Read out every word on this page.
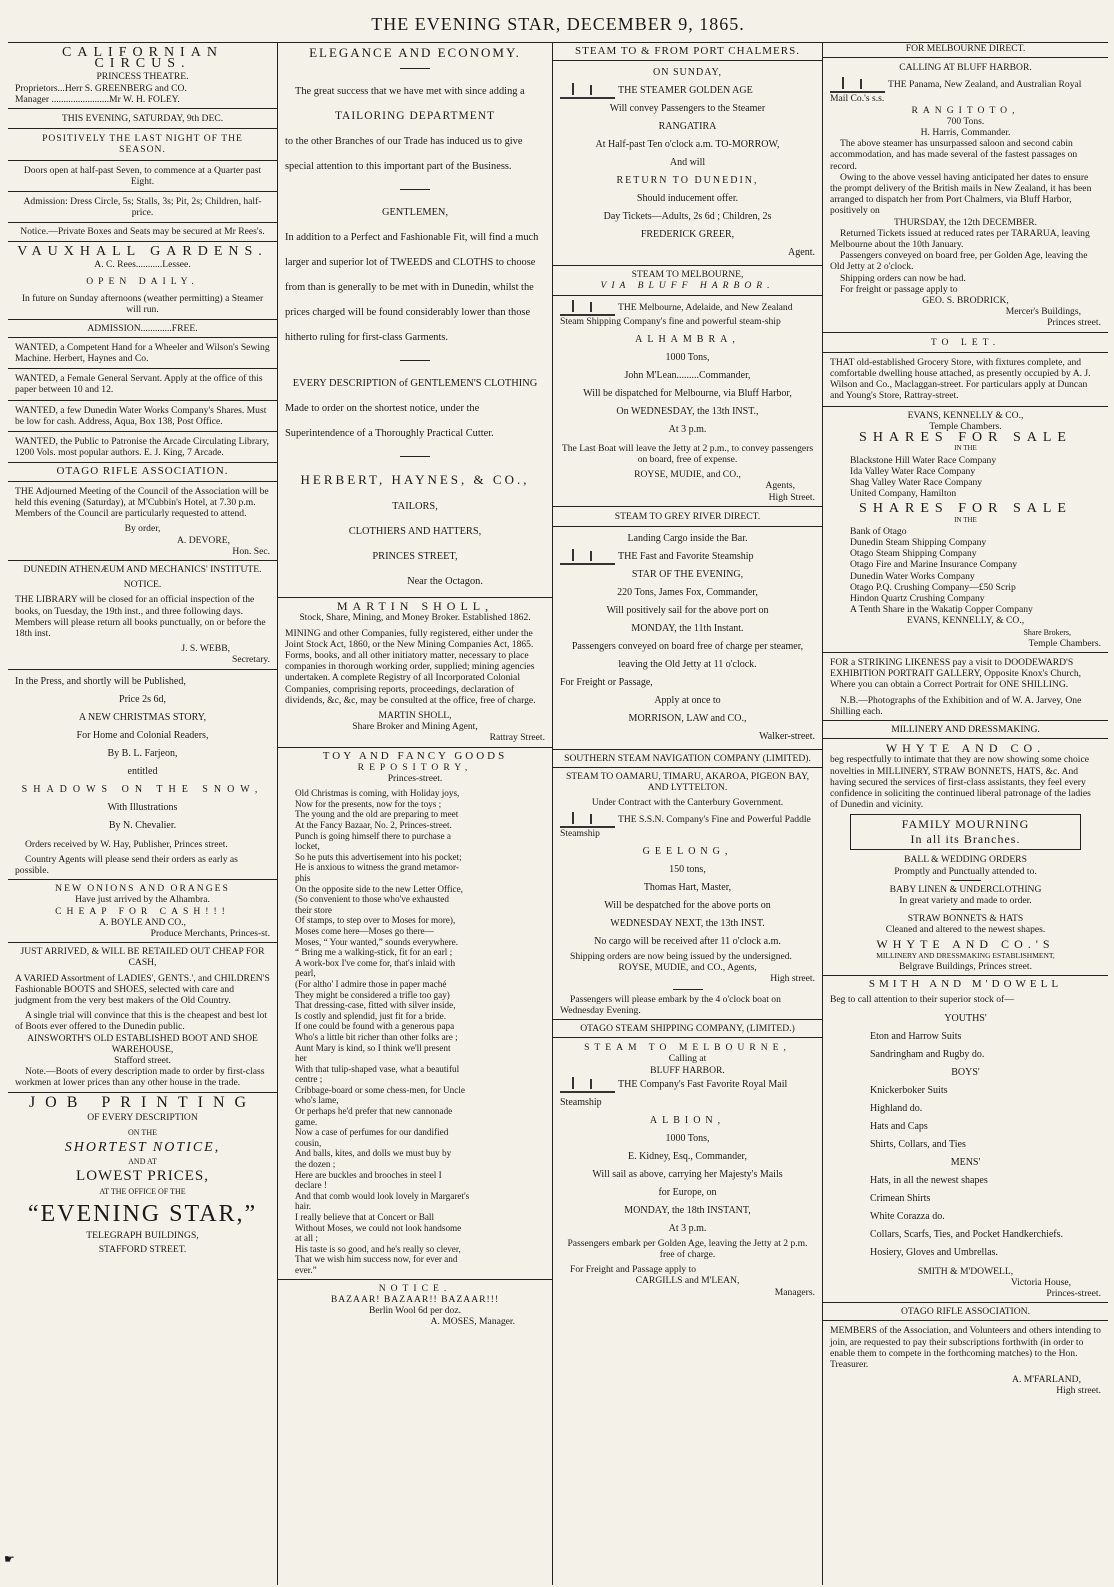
THE EVENING STAR, DECEMBER 9, 1865.

CALIFORNIAN CIRCUS.

PRINCESS THEATRE.

Proprietors...Herr S. GREENBERG and CO.

Manager ........................Mr W. H. FOLEY.

THIS EVENING, SATURDAY, 9th DEC.

POSITIVELY THE LAST NIGHT OF THE SEASON.

Doors open at half-past Seven, to commence at a Quarter past Eight.

Admission: Dress Circle, 5s; Stalls, 3s; Pit, 2s; Children, half-price.

Notice.—Private Boxes and Seats may be secured at Mr Rees's.

VAUXHALL GARDENS.

A. C. Rees...........Lessee.

OPEN DAILY.

In future on Sunday afternoons (weather permitting) a Steamer will run.

ADMISSION.............FREE.

WANTED, a Competent Hand for a Wheeler and Wilson's Sewing Machine. Herbert, Haynes and Co.

WANTED, a Female General Servant. Apply at the office of this paper between 10 and 12.

WANTED, a few Dunedin Water Works Company's Shares. Must be low for cash. Address, Aqua, Box 138, Post Office.

WANTED, the Public to Patronise the Arcade Circulating Library, 1200 Vols. most popular authors. E. J. King, 7 Arcade.

OTAGO RIFLE ASSOCIATION.

THE Adjourned Meeting of the Council of the Association will be held this evening (Saturday), at M'Cubbin's Hotel, at 7.30 p.m. Members of the Council are particularly requested to attend.

By order,

A. DEVORE,

Hon. Sec.

DUNEDIN ATHENÆUM AND MECHANICS' INSTITUTE.

NOTICE.

THE LIBRARY will be closed for an official inspection of the books, on Tuesday, the 19th inst., and three following days. Members will please return all books punctually, on or before the 18th inst.

J. S. WEBB,

Secretary.

In the Press, and shortly will be Published,

Price 2s 6d,

A NEW CHRISTMAS STORY,

For Home and Colonial Readers,

By B. L. Farjeon,

entitled

SHADOWS ON THE SNOW,

With Illustrations

By N. Chevalier.

Orders received by W. Hay, Publisher, Princes street.

Country Agents will please send their orders as early as possible.

NEW ONIONS AND ORANGES

Have just arrived by the Alhambra.

CHEAP FOR CASH!!!

A. BOYLE AND CO.,

Produce Merchants, Princes-st.

JUST ARRIVED, & WILL BE RETAILED OUT CHEAP FOR CASH,

A VARIED Assortment of LADIES', GENTS.', and CHILDREN'S Fashionable BOOTS and SHOES, selected with care and judgment from the very best makers of the Old Country.

A single trial will convince that this is the cheapest and best lot of Boots ever offered to the Dunedin public.

AINSWORTH'S OLD ESTABLISHED BOOT AND SHOE WAREHOUSE,

Stafford street.

Note.—Boots of every description made to order by first-class workmen at lower prices than any other house in the trade.

JOB PRINTING

OF EVERY DESCRIPTION

ON THE

SHORTEST NOTICE,

AND AT

LOWEST PRICES,

AT THE OFFICE OF THE

“EVENING STAR,”

TELEGRAPH BUILDINGS,

STAFFORD STREET.

ELEGANCE AND ECONOMY.

The great success that we have met with since adding a

TAILORING DEPARTMENT

to the other Branches of our Trade has induced us to give special attention to this important part of the Business.

GENTLEMEN,

In addition to a Perfect and Fashionable Fit, will find a much larger and superior lot of TWEEDS and CLOTHS to choose from than is generally to be met with in Dunedin, whilst the prices charged will be found considerably lower than those hitherto ruling for first-class Garments.

EVERY DESCRIPTION of GENTLEMEN'S CLOTHING

Made to order on the shortest notice, under the Superintendence of a Thoroughly Practical Cutter.

HERBERT, HAYNES, & CO.,

TAILORS,

CLOTHIERS AND HATTERS,

PRINCES STREET,

Near the Octagon.

MARTIN SHOLL,

Stock, Share, Mining, and Money Broker. Established 1862.

MINING and other Companies, fully registered, either under the Joint Stock Act, 1860, or the New Mining Companies Act, 1865. Forms, books, and all other initiatory matter, necessary to place companies in thorough working order, supplied; mining agencies undertaken. A complete Registry of all Incorporated Colonial Companies, comprising reports, proceedings, declaration of dividends, &c, &c, may be consulted at the office, free of charge.

MARTIN SHOLL,

Share Broker and Mining Agent,

Rattray Street.

TOY AND FANCY GOODS

REPOSITORY,

Princes-street.

Old Christmas is coming, with Holiday joys,

Now for the presents, now for the toys ;

The young and the old are preparing to meet

At the Fancy Bazaar, No. 2, Princes-street.

Punch is going himself there to purchase a

locket,

So he puts this advertisement into his pocket;

He is anxious to witness the grand metamor-

phis

On the opposite side to the new Letter Office,

(So convenient to those who've exhausted

their store

Of stamps, to step over to Moses for more),

Moses come here—Moses go there—

Moses, “ Your wanted,” sounds everywhere.

“ Bring me a walking-stick, fit for an earl ;

A work-box I've come for, that's inlaid with

pearl,

(For altho' I admire those in paper maché

They might be considered a trifle too gay)

That dressing-case, fitted with silver inside,

Is costly and splendid, just fit for a bride.

If one could be found with a generous papa

Who's a little bit richer than other folks are ;

Aunt Mary is kind, so I think we'll present

her

With that tulip-shaped vase, what a beautiful

centre ;

Cribbage-board or some chess-men, for Uncle

who's lame,

Or perhaps he'd prefer that new cannonade

game.

Now a case of perfumes for our dandified

cousin,

And balls, kites, and dolls we must buy by

the dozen ;

Here are buckles and brooches in steel I

declare !

And that comb would look lovely in Margaret's

hair.

I really believe that at Concert or Ball

Without Moses, we could not look handsome

at all ;

His taste is so good, and he's really so clever,

That we wish him success now, for ever and

ever.”

NOTICE.

BAZAAR! BAZAAR!! BAZAAR!!!

Berlin Wool 6d per doz.

A. MOSES, Manager.

STEAM TO & FROM PORT CHALMERS.

ON SUNDAY,

THE STEAMER GOLDEN AGE

Will convey Passengers to the Steamer

RANGATIRA

At Half-past Ten o'clock a.m. TO-MORROW,

And will

RETURN TO DUNEDIN,

Should inducement offer.

Day Tickets—Adults, 2s 6d ; Children, 2s

FREDERICK GREER,

Agent.

STEAM TO MELBOURNE,

VIA BLUFF HARBOR.

THE Melbourne, Adelaide, and New Zealand Steam Shipping Company's fine and powerful steam-ship

ALHAMBRA,

1000 Tons,

John M'Lean.........Commander,

Will be dispatched for Melbourne, via Bluff Harbor,

On WEDNESDAY, the 13th INST.,

At 3 p.m.

The Last Boat will leave the Jetty at 2 p.m., to convey passengers on board, free of expense.

ROYSE, MUDIE, and CO.,

Agents,

High Street.

STEAM TO GREY RIVER DIRECT.

Landing Cargo inside the Bar.

THE Fast and Favorite Steamship

STAR OF THE EVENING,

220 Tons, James Fox, Commander,

Will positively sail for the above port on

MONDAY, the 11th Instant.

Passengers conveyed on board free of charge per steamer, leaving the Old Jetty at 11 o'clock.

For Freight or Passage,

Apply at once to

MORRISON, LAW and CO.,

Walker-street.

SOUTHERN STEAM NAVIGATION COMPANY (LIMITED).

STEAM TO OAMARU, TIMARU, AKAROA, PIGEON BAY, AND LYTTELTON.

Under Contract with the Canterbury Government.

THE S.S.N. Company's Fine and Powerful Paddle Steamship

GEELONG,

150 tons,

Thomas Hart, Master,

Will be despatched for the above ports on

WEDNESDAY NEXT, the 13th INST.

No cargo will be received after 11 o'clock a.m.

Shipping orders are now being issued by the undersigned.

ROYSE, MUDIE, and CO., Agents,

High street.

Passengers will please embark by the 4 o'clock boat on Wednesday Evening.

OTAGO STEAM SHIPPING COMPANY, (LIMITED.)

STEAM TO MELBOURNE,

Calling at

BLUFF HARBOR.

THE Company's Fast Favorite Royal Mail Steamship

ALBION,

1000 Tons,

E. Kidney, Esq., Commander,

Will sail as above, carrying her Majesty's Mails

for Europe, on

MONDAY, the 18th INSTANT,

At 3 p.m.

Passengers embark per Golden Age, leaving the Jetty at 2 p.m. free of charge.

For Freight and Passage apply to

CARGILLS and M'LEAN,

Managers.

FOR MELBOURNE DIRECT.

CALLING AT BLUFF HARBOR.

THE Panama, New Zealand, and Australian Royal Mail Co.'s s.s.

RANGITOTO,

700 Tons.

H. Harris, Commander.

The above steamer has unsurpassed saloon and second cabin accommodation, and has made several of the fastest passages on record.

Owing to the above vessel having anticipated her dates to ensure the prompt delivery of the British mails in New Zealand, it has been arranged to dispatch her from Port Chalmers, via Bluff Harbor, positively on

THURSDAY, the 12th DECEMBER.

Returned Tickets issued at reduced rates per TARARUA, leaving Melbourne about the 10th January.

Passengers conveyed on board free, per Golden Age, leaving the Old Jetty at 2 o'clock.

Shipping orders can now be had.

For freight or passage apply to

GEO. S. BRODRICK,

Mercer's Buildings,

Princes street.

TO LET.

THAT old-established Grocery Store, with fixtures complete, and comfortable dwelling house attached, as presently occupied by A. J. Wilson and Co., Maclaggan-street. For particulars apply at Duncan and Young's Store, Rattray-street.

EVANS, KENNELLY & CO.,

Temple Chambers.

SHARES FOR SALE

IN THE

Blackstone Hill Water Race Company

Ida Valley Water Race Company

Shag Valley Water Race Company

United Company, Hamilton

SHARES FOR SALE

IN THE

Bank of Otago

Dunedin Steam Shipping Company

Otago Steam Shipping Company

Otago Fire and Marine Insurance Company

Dunedin Water Works Company

Otago P.Q. Crushing Company—£50 Scrip

Hindon Quartz Crushing Company

A Tenth Share in the Wakatip Copper Company

EVANS, KENNELLY, & CO.,

Share Brokers,

Temple Chambers.

FOR a STRIKING LIKENESS pay a visit to DOODEWARD'S EXHIBITION PORTRAIT GALLERY, Opposite Knox's Church, Where you can obtain a Correct Portrait for ONE SHILLING.

N.B.—Photographs of the Exhibition and of W. A. Jarvey, One Shilling each.

MILLINERY AND DRESSMAKING.

WHYTE AND CO.

beg respectfully to intimate that they are now showing some choice novelties in MILLINERY, STRAW BONNETS, HATS, &c. And having secured the services of first-class assistants, they feel every confidence in soliciting the continued liberal patronage of the ladies of Dunedin and vicinity.

FAMILY MOURNING
In all its Branches.

BALL & WEDDING ORDERS

Promptly and Punctually attended to.

BABY LINEN & UNDERCLOTHING

In great variety and made to order.

STRAW BONNETS & HATS

Cleaned and altered to the newest shapes.

WHYTE AND CO.'S

MILLINERY AND DRESSMAKING ESTABLISHMENT,

Belgrave Buildings, Princes street.

SMITH AND M'DOWELL

Beg to call attention to their superior stock of—

YOUTHS'

Eton and Harrow Suits

Sandringham and Rugby do.

BOYS'

Knickerboker Suits

Highland do.

Hats and Caps

Shirts, Collars, and Ties

MENS'

Hats, in all the newest shapes

Crimean Shirts

White Corazza do.

Collars, Scarfs, Ties, and Pocket Handkerchiefs.

Hosiery, Gloves and Umbrellas.

SMITH & M'DOWELL,

Victoria House,

Princes-street.

OTAGO RIFLE ASSOCIATION.

MEMBERS of the Association, and Volunteers and others intending to join, are requested to pay their subscriptions forthwith (in order to enable them to compete in the forthcoming matches) to the Hon. Treasurer.

A. M'FARLAND,

High street.

☛
